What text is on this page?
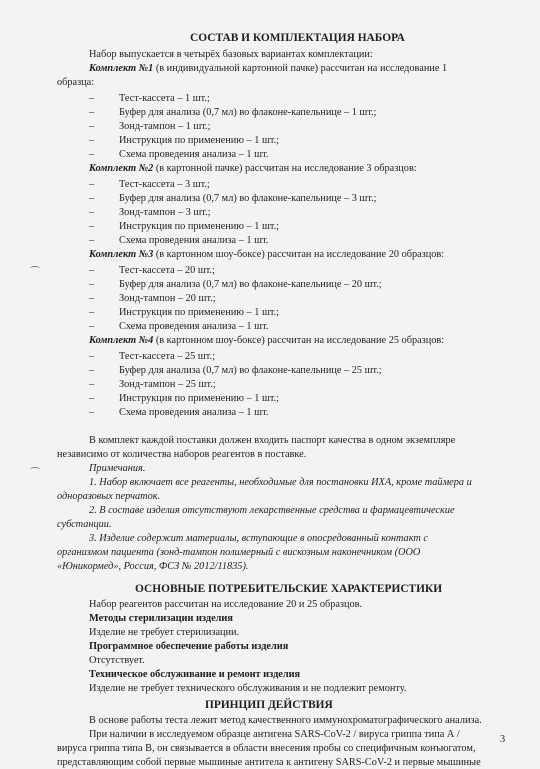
СОСТАВ И КОМПЛЕКТАЦИЯ НАБОРА
Набор выпускается в четырёх базовых вариантах комплектации:
Комплект №1 (в индивидуальной картонной пачке) рассчитан на исследование 1
образца:
– Тест-кассета – 1 шт.;
– Буфер для анализа (0,7 мл) во флаконе-капельнице – 1 шт.;
– Зонд-тампон – 1 шт.;
– Инструкция по применению – 1 шт.;
– Схема проведения анализа – 1 шт.
Комплект №2 (в картонной пачке) рассчитан на исследование 3 образцов:
– Тест-кассета – 3 шт.;
– Буфер для анализа (0,7 мл) во флаконе-капельнице – 3 шт.;
– Зонд-тампон – 3 шт.;
– Инструкция по применению – 1 шт.;
– Схема проведения анализа – 1 шт.
Комплект №3 (в картонном шоу-боксе) рассчитан на исследование 20 образцов:
– Тест-кассета – 20 шт.;
– Буфер для анализа (0,7 мл) во флаконе-капельнице – 20 шт.;
– Зонд-тампон – 20 шт.;
– Инструкция по применению – 1 шт.;
– Схема проведения анализа – 1 шт.
Комплект №4 (в картонном шоу-боксе) рассчитан на исследование 25 образцов:
– Тест-кассета – 25 шт.;
– Буфер для анализа (0,7 мл) во флаконе-капельнице – 25 шт.;
– Зонд-тампон – 25 шт.;
– Инструкция по применению – 1 шт.;
– Схема проведения анализа – 1 шт.
В комплект каждой поставки должен входить паспорт качества в одном экземпляре
независимо от количества наборов реагентов в поставке.
Примечания.
1. Набор включает все реагенты, необходимые для постановки ИХА, кроме таймера и
одноразовых перчаток.
2. В составе изделия отсутствуют лекарственные средства и фармацевтические
субстанции.
3. Изделие содержит материалы, вступающие в опосредованный контакт с
организмом пациента (зонд-тампон полимерный с вискозным наконечником (ООО
«Юникормед», Россия, ФСЗ № 2012/11835).
ОСНОВНЫЕ ПОТРЕБИТЕЛЬСКИЕ ХАРАКТЕРИСТИКИ
Набор реагентов рассчитан на исследование 20 и 25 образцов.
Методы стерилизации изделия
Изделие не требует стерилизации.
Программное обеспечение работы изделия
Отсутствует.
Техническое обслуживание и ремонт изделия
Изделие не требует технического обслуживания и не подлежит ремонту.
ПРИНЦИП ДЕЙСТВИЯ
В основе работы теста лежит метод качественного иммунохроматографического анализа.
При наличии в исследуемом образце антигена SARS-CoV-2 / вируса гриппа типа А /
вируса гриппа типа В, он связывается в области внесения пробы со специфичным конъюгатом,
представляющим собой первые мышиные антитела к антигену SARS-CoV-2 и первые мышиные
3
